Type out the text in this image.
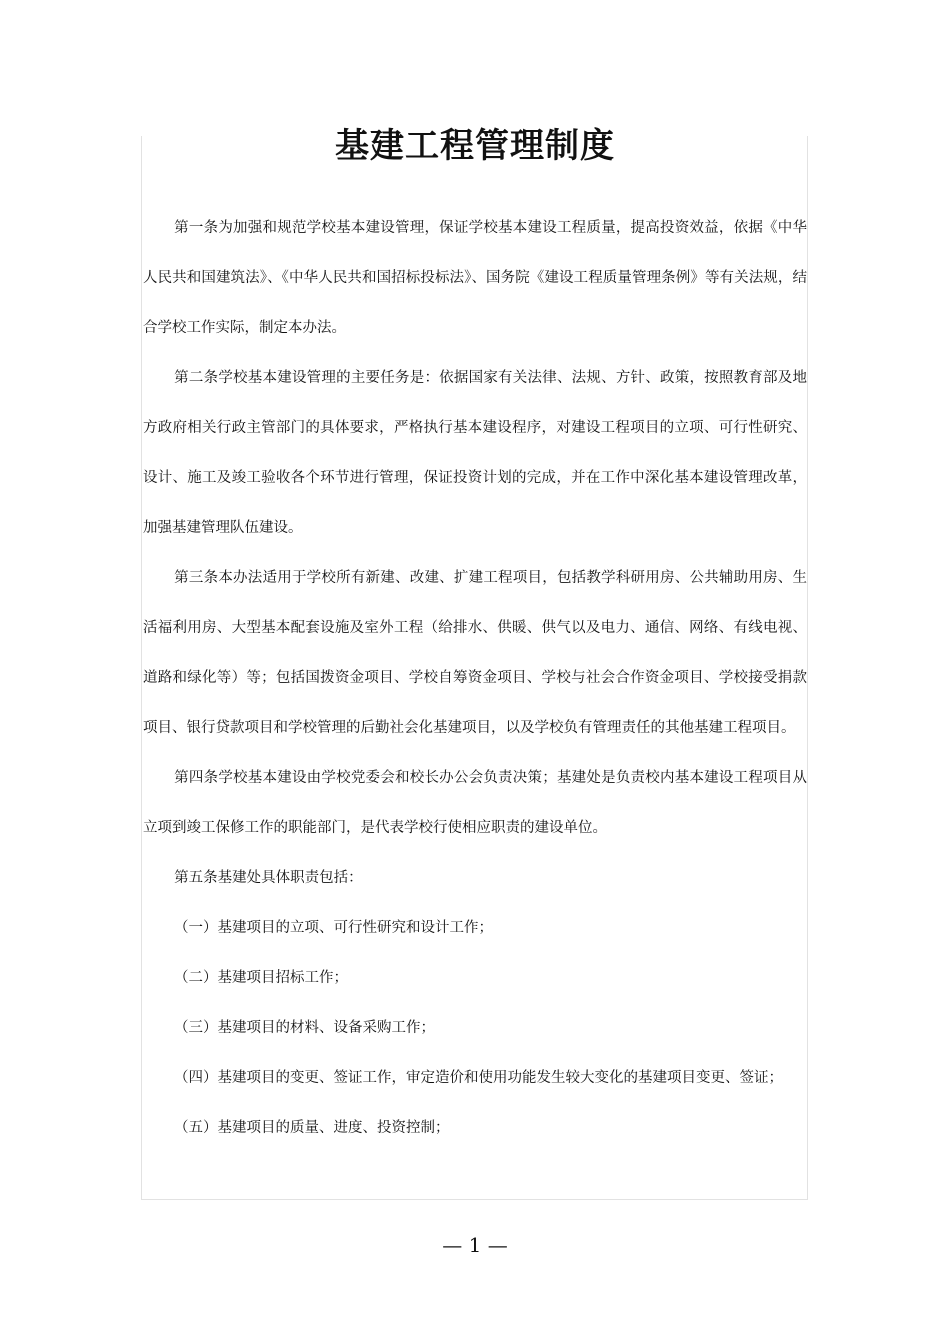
基建工程管理制度

第一条为加强和规范学校基本建设管理，保证学校基本建设工程质量，提高投资效益，依据《中华人民共和国建筑法》、《中华人民共和国招标投标法》、国务院《建设工程质量管理条例》等有关法规，结合学校工作实际，制定本办法。

第二条学校基本建设管理的主要任务是：依据国家有关法律、法规、方针、政策，按照教育部及地方政府相关行政主管部门的具体要求，严格执行基本建设程序，对建设工程项目的立项、可行性研究、设计、施工及竣工验收各个环节进行管理，保证投资计划的完成，并在工作中深化基本建设管理改革，加强基建管理队伍建设。

第三条本办法适用于学校所有新建、改建、扩建工程项目，包括教学科研用房、公共辅助用房、生活福利用房、大型基本配套设施及室外工程（给排水、供暖、供气以及电力、通信、网络、有线电视、道路和绿化等）等；包括国拨资金项目、学校自筹资金项目、学校与社会合作资金项目、学校接受捐款项目、银行贷款项目和学校管理的后勤社会化基建项目，以及学校负有管理责任的其他基建工程项目。

第四条学校基本建设由学校党委会和校长办公会负责决策；基建处是负责校内基本建设工程项目从立项到竣工保修工作的职能部门，是代表学校行使相应职责的建设单位。

第五条基建处具体职责包括：

（一）基建项目的立项、可行性研究和设计工作；

（二）基建项目招标工作；

（三）基建项目的材料、设备采购工作；

（四）基建项目的变更、签证工作，审定造价和使用功能发生较大变化的基建项目变更、签证；

（五）基建项目的质量、进度、投资控制；

— 1 —
